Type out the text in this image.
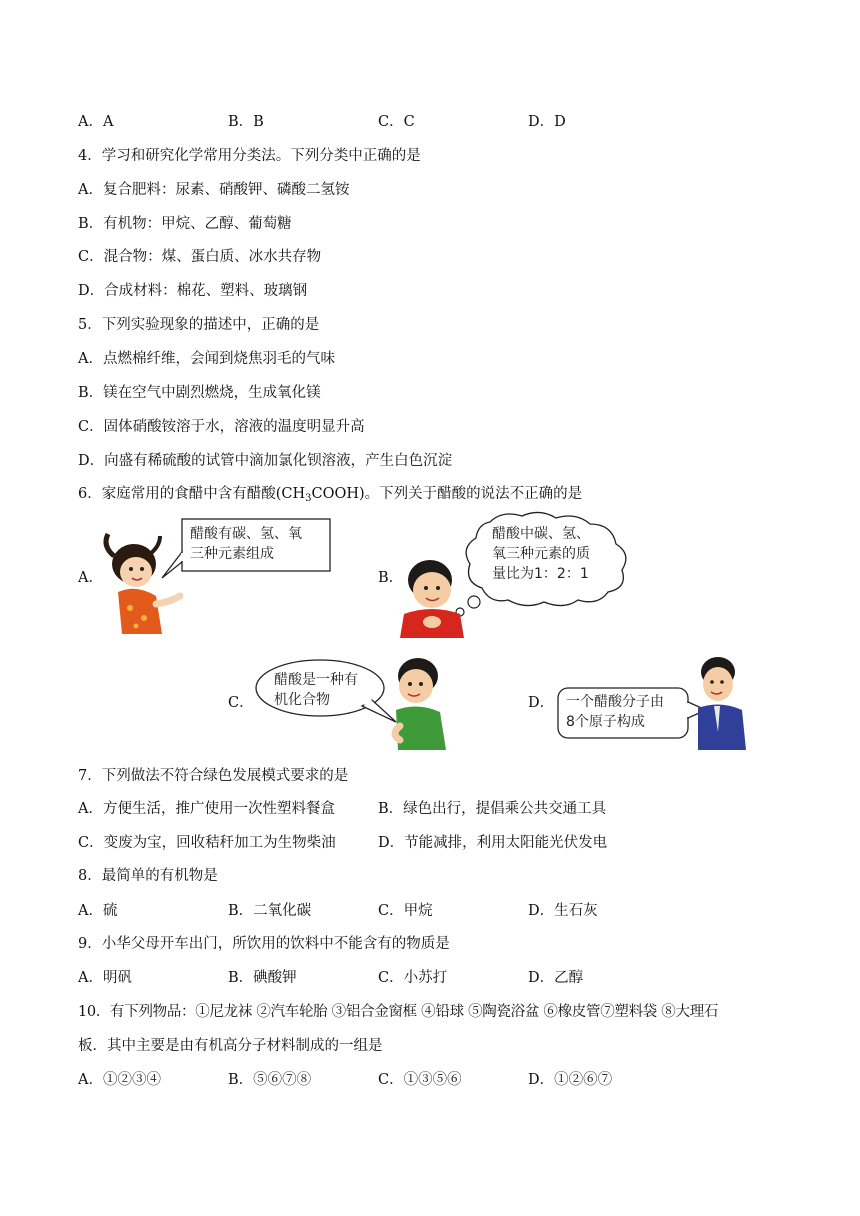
A．A	B．B	C．C	D．D
4．学习和研究化学常用分类法。下列分类中正确的是
A．复合肥料：尿素、硝酸钾、磷酸二氢铵
B．有机物：甲烷、乙醇、葡萄糖
C．混合物：煤、蛋白质、冰水共存物
D．合成材料：棉花、塑料、玻璃钢
5．下列实验现象的描述中，正确的是
A．点燃棉纤维，会闻到烧焦羽毛的气味
B．镁在空气中剧烈燃烧，生成氧化镁
C．固体硝酸铵溶于水，溶液的温度明显升高
D．向盛有稀硫酸的试管中滴加氯化钡溶液，产生白色沉淀
6．家庭常用的食醋中含有醋酸$(CH_3COOH)$。下列关于醋酸的说法不正确的是
A．	B．
C．	D．
醋酸有碳、氢、氧
三种元素组成
醋酸中碳、氢、
氧三种元素的质
量比为1：2：1
醋酸是一种有
机化合物	一个醋酸分子由
8个原子构成
7．下列做法不符合绿色发展模式要求的是
A．方便生活，推广使用一次性塑料餐盒	B．绿色出行，提倡乘公共交通工具
C．变废为宝，回收秸秆加工为生物柴油	D．节能减排，利用太阳能光伏发电
8．最简单的有机物是
A．硫	B．二氧化碳	C．甲烷	D．生石灰
9．小华父母开车出门，所饮用的饮料中不能含有的物质是
A．明矾	B．碘酸钾	C．小苏打	D．乙醇
10．有下列物品：①尼龙袜 ②汽车轮胎 ③铝合金窗框 ④铅球 ⑤陶瓷浴盆 ⑥橡皮管⑦塑料袋 ⑧大理石
板．其中主要是由有机高分子材料制成的一组是
A．①②③④	B．⑤⑥⑦⑧	C．①③⑤⑥	D．①②⑥⑦
